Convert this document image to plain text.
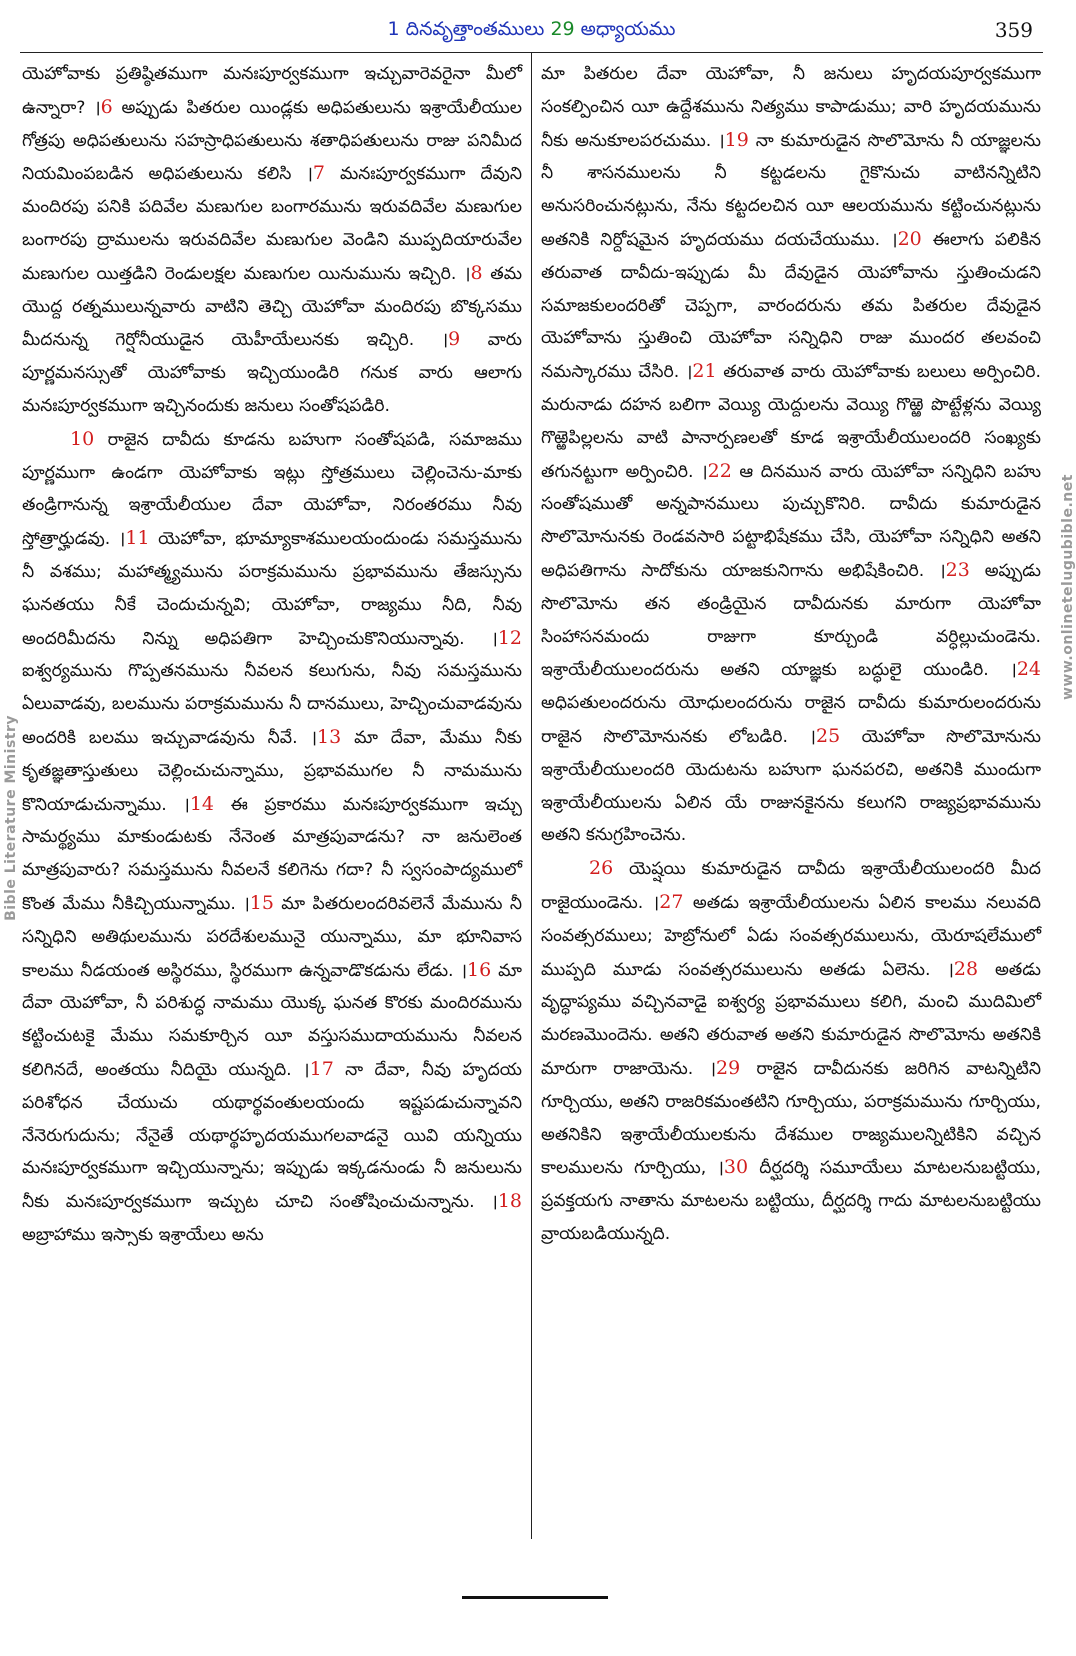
1 దినవృత్తాంతములు 29 అధ్యాయము	359

యెహోవాకు ప్రతిష్ఠితముగా మనఃపూర్వకముగా ఇచ్చువారెవరైనా మీలో ఉన్నారా? ।6 అప్పుడు పితరుల యిండ్లకు అధిపతులును ఇశ్రాయేలీయుల గోత్రపు అధిపతులును సహస్రాధిపతులును శతాధిపతులును రాజు పనిమీద నియమింపబడిన అధిపతులును కలిసి ।7 మనఃపూర్వకముగా దేవుని మందిరపు పనికి పదివేల మణుగుల బంగారమును ఇరువదివేల మణుగుల బంగారపు ద్రాములను ఇరువదివేల మణుగుల వెండిని ముప్పదియారువేల మణుగుల యిత్తడిని రెండులక్షల మణుగుల యినుమును ఇచ్చిరి. ।8 తమ యొద్ద రత్నములున్నవారు వాటిని తెచ్చి యెహోవా మందిరపు బొక్కసము మీదనున్న గెర్షోనీయుడైన యెహీయేలునకు ఇచ్చిరి. ।9 వారు పూర్ణమనస్సుతో యెహోవాకు ఇచ్చియుండిరి గనుక వారు ఆలాగు మనఃపూర్వకముగా ఇచ్చినందుకు జనులు సంతోషపడిరి.

10 రాజైన దావీదు కూడను బహుగా సంతోషపడి, సమాజము పూర్ణముగా ఉండగా యెహోవాకు ఇట్లు స్తోత్రములు చెల్లించెను-మాకు తండ్రిగానున్న ఇశ్రాయేలీయుల దేవా యెహోవా, నిరంతరము నీవు స్తోత్రార్హుడవు. ।11 యెహోవా, భూమ్యాకాశములయందుండు సమస్తమును నీ వశము; మహాత్మ్యమును పరాక్రమమును ప్రభావమును తేజస్సును ఘనతయు నీకే చెందుచున్నవి; యెహోవా, రాజ్యము నీది, నీవు అందరిమీదను నిన్ను అధిపతిగా హెచ్చించుకొనియున్నావు. ।12 ఐశ్వర్యమును గొప్పతనమును నీవలన కలుగును, నీవు సమస్తమును ఏలువాడవు, బలమును పరాక్రమమును నీ దానములు, హెచ్చించువాడవును అందరికి బలము ఇచ్చువాడవును నీవే. ।13 మా దేవా, మేము నీకు కృతజ్ఞతాస్తుతులు చెల్లించుచున్నాము, ప్రభావముగల నీ నామమును కొనియాడుచున్నాము. ।14 ఈ ప్రకారము మనఃపూర్వకముగా ఇచ్చు సామర్థ్యము మాకుండుటకు నేనెంత మాత్రపువాడను? నా జనులెంత మాత్రపువారు? సమస్తమును నీవలనే కలిగెను గదా? నీ స్వసంపాద్యములో కొంత మేము నీకిచ్చియున్నాము. ।15 మా పితరులందరివలెనే మేమును నీ సన్నిధిని అతిథులమును పరదేశులమునై యున్నాము, మా భూనివాస కాలము నీడయంత అస్థిరము, స్థిరముగా ఉన్నవాడొకడును లేడు. ।16 మా దేవా యెహోవా, నీ పరిశుద్ధ నామము యొక్క ఘనత కొరకు మందిరమును కట్టించుటకై మేము సమకూర్చిన యీ వస్తుసముదాయమును నీవలన కలిగినదే, అంతయు నీదియై యున్నది. ।17 నా దేవా, నీవు హృదయ పరిశోధన చేయుచు యథార్థవంతులయందు ఇష్టపడుచున్నావని నేనెరుగుదును; నేనైతే యథార్థహృదయముగలవాడనై యివి యన్నియు మనఃపూర్వకముగా ఇచ్చియున్నాను; ఇప్పుడు ఇక్కడనుండు నీ జనులును నీకు మనఃపూర్వకముగా ఇచ్చుట చూచి సంతోషించుచున్నాను. ।18 అబ్రాహాము ఇస్సాకు ఇశ్రాయేలు అను

మా పితరుల దేవా యెహోవా, నీ జనులు హృదయపూర్వకముగా సంకల్పించిన యీ ఉద్దేశమును నిత్యము కాపాడుము; వారి హృదయమును నీకు అనుకూలపరచుము. ।19 నా కుమారుడైన సొలొమోను నీ యాజ్ఞలను నీ శాసనములను నీ కట్టడలను గైకొనుచు వాటినన్నిటిని అనుసరించునట్లును, నేను కట్టదలచిన యీ ఆలయమును కట్టించునట్లును అతనికి నిర్దోషమైన హృదయము దయచేయుము. ।20 ఈలాగు పలికిన తరువాత దావీదు-ఇప్పుడు మీ దేవుడైన యెహోవాను స్తుతించుడని సమాజకులందరితో చెప్పగా, వారందరును తమ పితరుల దేవుడైన యెహోవాను స్తుతించి యెహోవా సన్నిధిని రాజు ముందర తలవంచి నమస్కారము చేసిరి. ।21 తరువాత వారు యెహోవాకు బలులు అర్పించిరి. మరునాడు దహన బలిగా వెయ్యి యెద్దులను వెయ్యి గొఱ్ఱె పొట్టేళ్లను వెయ్యి గొఱ్ఱెపిల్లలను వాటి పానార్పణలతో కూడ ఇశ్రాయేలీయులందరి సంఖ్యకు తగునట్టుగా అర్పించిరి. ।22 ఆ దినమున వారు యెహోవా సన్నిధిని బహు సంతోషముతో అన్నపానములు పుచ్చుకొనిరి. దావీదు కుమారుడైన సొలొమోనునకు రెండవసారి పట్టాభిషేకము చేసి, యెహోవా సన్నిధిని అతని అధిపతిగాను సాదోకును యాజకునిగాను అభిషేకించిరి. ।23 అప్పుడు సొలొమోను తన తండ్రియైన దావీదునకు మారుగా యెహోవా సింహాసనమందు రాజుగా కూర్చుండి వర్ధిల్లుచుండెను. ఇశ్రాయేలీయులందరును అతని యాజ్ఞకు బద్ధులై యుండిరి. ।24 అధిపతులందరును యోధులందరును రాజైన దావీదు కుమారులందరును రాజైన సొలొమోనునకు లోబడిరి. ।25 యెహోవా సొలొమోనును ఇశ్రాయేలీయులందరి యెదుటను బహుగా ఘనపరచి, అతనికి ముందుగా ఇశ్రాయేలీయులను ఏలిన యే రాజునకైనను కలుగని రాజ్యప్రభావమును అతని కనుగ్రహించెను.

26 యెష్షయి కుమారుడైన దావీదు ఇశ్రాయేలీయులందరి మీద రాజైయుండెను. ।27 అతడు ఇశ్రాయేలీయులను ఏలిన కాలము నలువది సంవత్సరములు; హెబ్రోనులో ఏడు సంవత్సరములును, యెరూషలేములో ముప్పది మూడు సంవత్సరములును అతడు ఏలెను. ।28 అతడు వృద్ధాప్యము వచ్చినవాడై ఐశ్వర్య ప్రభావములు కలిగి, మంచి ముదిమిలో మరణమొందెను. అతని తరువాత అతని కుమారుడైన సొలొమోను అతనికి మారుగా రాజాయెను. ।29 రాజైన దావీదునకు జరిగిన వాటన్నిటిని గూర్చియు, అతని రాజరికమంతటిని గూర్చియు, పరాక్రమమును గూర్చియు, అతనికిని ఇశ్రాయేలీయులకును దేశముల రాజ్యములన్నిటికిని వచ్చిన కాలములను గూర్చియు, ।30 దీర్ఘదర్శి సమూయేలు మాటలనుబట్టియు, ప్రవక్తయగు నాతాను మాటలను బట్టియు, దీర్ఘదర్శి గాదు మాటలనుబట్టియు వ్రాయబడియున్నది.

Bible Literature Ministry
www.onlinetelugubible.net
